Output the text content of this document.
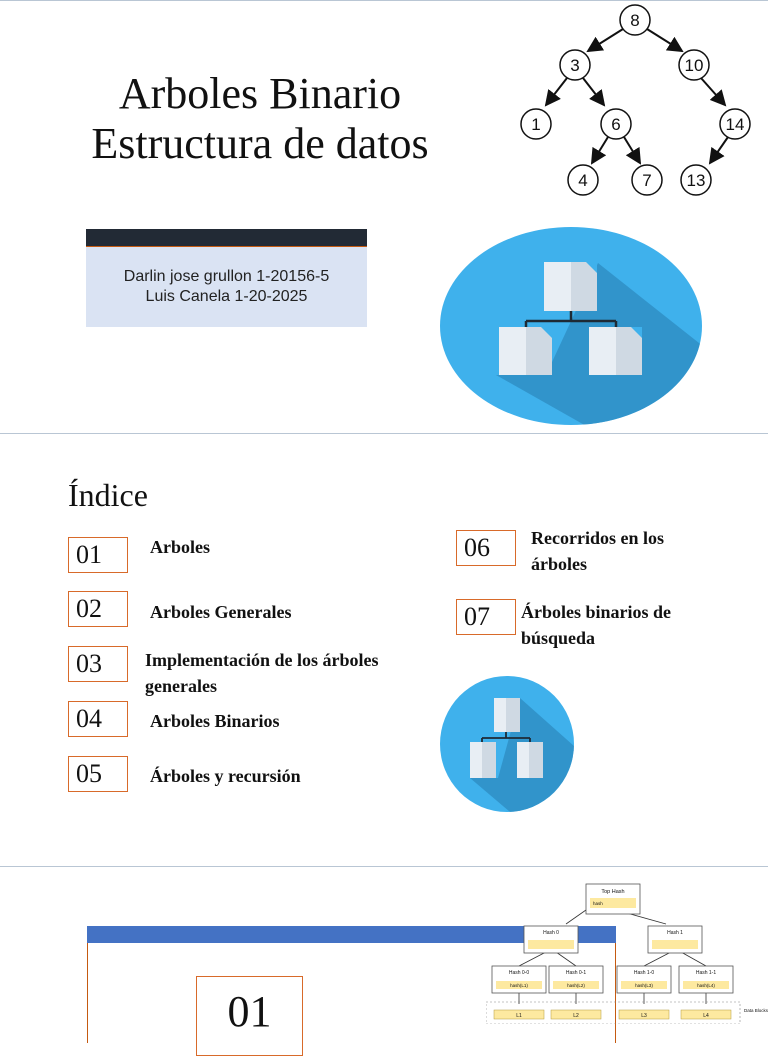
Arboles Binario
Estructura de datos
8
3	10
1	6	14
4	7 13
Darlin jose grullon 1-20156-5
Luis Canela 1-20-2025
Índice
01	Arboles
02	Arboles Generales
03	Implementación de los árboles generales
04	Arboles Binarios
05	Árboles y recursión
06	Recorridos en los árboles
07	Árboles binarios de búsqueda
01
Top Hash
hash
Hash 0	Hash 1
Hash 0-0
hash(L1)
Hash 0-1
hash(L2)
Hash 1-0
hash(L3)
Hash 1-1
hash(L4)
L1	L2	L3	L4
Data Blocks
